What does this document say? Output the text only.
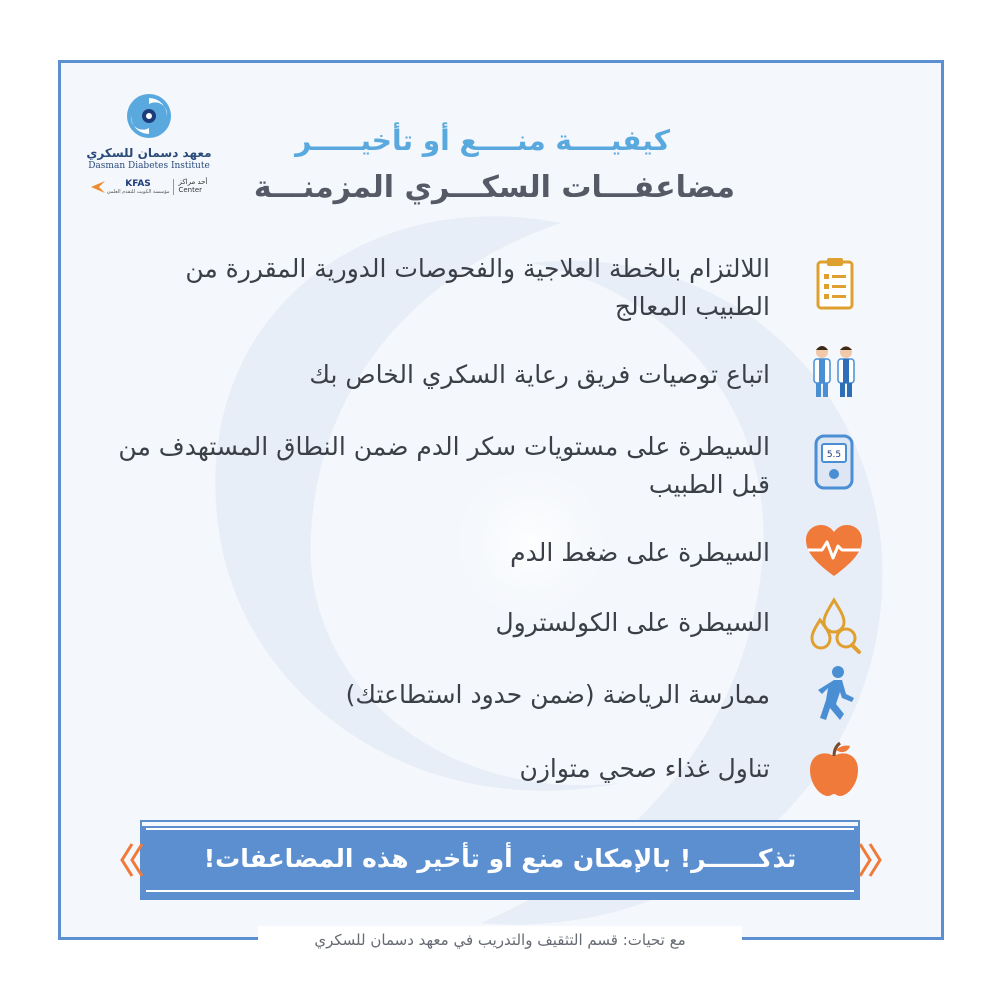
معهد دسمان للسكري
Dasman Diabetes Institute
KFAS
مؤسسة الكويت للتقدم العلمي
أحد مراكز
Center
كيفيــــة منــــع أو تأخيـــــر
مضاعفـــات السكـــري المزمنـــة
اللالتزام بالخطة العلاجية والفحوصات الدورية المقررة من الطبيب المعالج
اتباع توصيات فريق رعاية السكري الخاص بك
السيطرة على مستويات سكر الدم ضمن النطاق المستهدف من قبل الطبيب
5.5
السيطرة على ضغط الدم
السيطرة على الكولسترول
ممارسة الرياضة (ضمن حدود استطاعتك)
تناول غذاء صحي متوازن
تذكــــــر! بالإمكان منع أو تأخير هذه المضاعفات!
مع تحيات: قسم التثقيف والتدريب في معهد دسمان للسكري
